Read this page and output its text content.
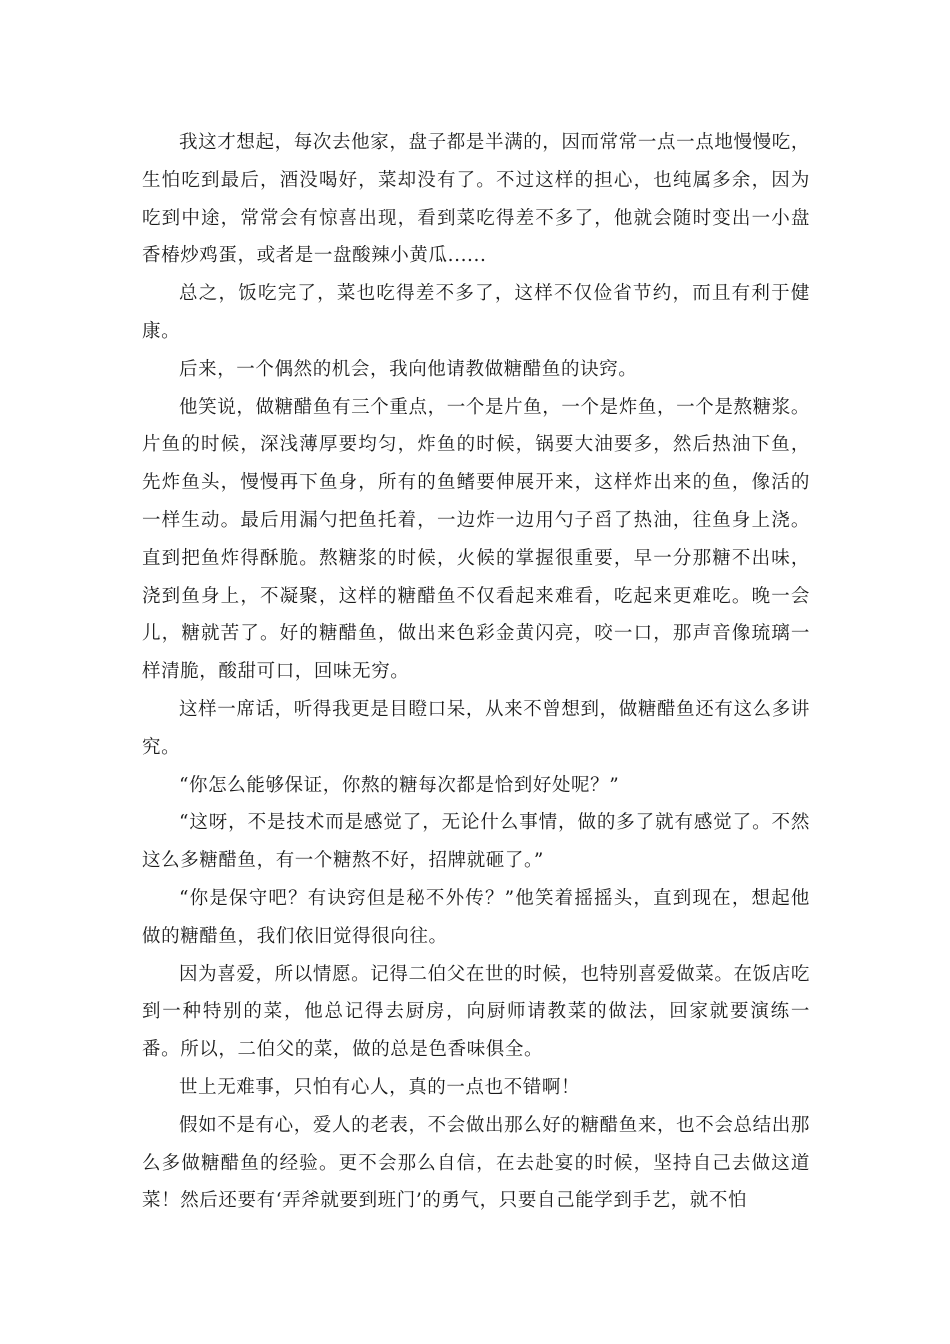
我这才想起，每次去他家，盘子都是半满的，因而常常一点一点地慢慢吃，生怕吃到最后，酒没喝好，菜却没有了。不过这样的担心，也纯属多余，因为吃到中途，常常会有惊喜出现，看到菜吃得差不多了，他就会随时变出一小盘香椿炒鸡蛋，或者是一盘酸辣小黄瓜......

总之，饭吃完了，菜也吃得差不多了，这样不仅俭省节约，而且有利于健康。

后来，一个偶然的机会，我向他请教做糖醋鱼的诀窍。

他笑说，做糖醋鱼有三个重点，一个是片鱼，一个是炸鱼，一个是熬糖浆。片鱼的时候，深浅薄厚要均匀，炸鱼的时候，锅要大油要多，然后热油下鱼，先炸鱼头，慢慢再下鱼身，所有的鱼鳍要伸展开来，这样炸出来的鱼，像活的一样生动。最后用漏勺把鱼托着，一边炸一边用勺子舀了热油，往鱼身上浇。直到把鱼炸得酥脆。熬糖浆的时候，火候的掌握很重要，早一分那糖不出味，浇到鱼身上，不凝聚，这样的糖醋鱼不仅看起来难看，吃起来更难吃。晚一会儿，糖就苦了。好的糖醋鱼，做出来色彩金黄闪亮，咬一口，那声音像琉璃一样清脆，酸甜可口，回味无穷。

这样一席话，听得我更是目瞪口呆，从来不曾想到，做糖醋鱼还有这么多讲究。

“你怎么能够保证，你熬的糖每次都是恰到好处呢？”

“这呀，不是技术而是感觉了，无论什么事情，做的多了就有感觉了。不然这么多糖醋鱼，有一个糖熬不好，招牌就砸了。”

“你是保守吧？有诀窍但是秘不外传？”他笑着摇摇头，直到现在，想起他做的糖醋鱼，我们依旧觉得很向往。

因为喜爱，所以情愿。记得二伯父在世的时候，也特别喜爱做菜。在饭店吃到一种特别的菜，他总记得去厨房，向厨师请教菜的做法，回家就要演练一番。所以，二伯父的菜，做的总是色香味俱全。

世上无难事，只怕有心人，真的一点也不错啊！

假如不是有心，爱人的老表，不会做出那么好的糖醋鱼来，也不会总结出那么多做糖醋鱼的经验。更不会那么自信，在去赴宴的时候，坚持自己去做这道菜！然后还要有‘弄斧就要到班门’的勇气，只要自己能学到手艺，就不怕
